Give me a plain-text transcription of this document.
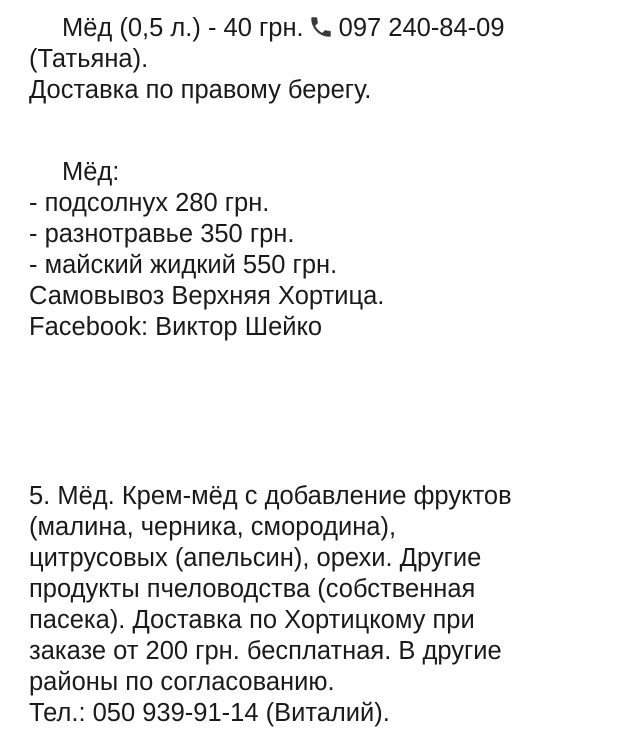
Мёд (0,5 л.) - 40 грн. 097 240-84-09
(Татьяна).
Доставка по правому берегу.
Мёд:
- подсолнух 280 грн.
- разнотравье 350 грн.
- майский жидкий 550 грн.
Самовывоз Верхняя Хортица.
Facebook: Виктор Шейко
5. Мёд. Крем-мёд с добавление фруктов
(малина, черника, смородина),
цитрусовых (апельсин), орехи. Другие
продукты пчеловодства (собственная
пасека). Доставка по Хортицкому при
заказе от 200 грн. бесплатная. В другие
районы по согласованию.
Тел.: 050 939-91-14 (Виталий).
